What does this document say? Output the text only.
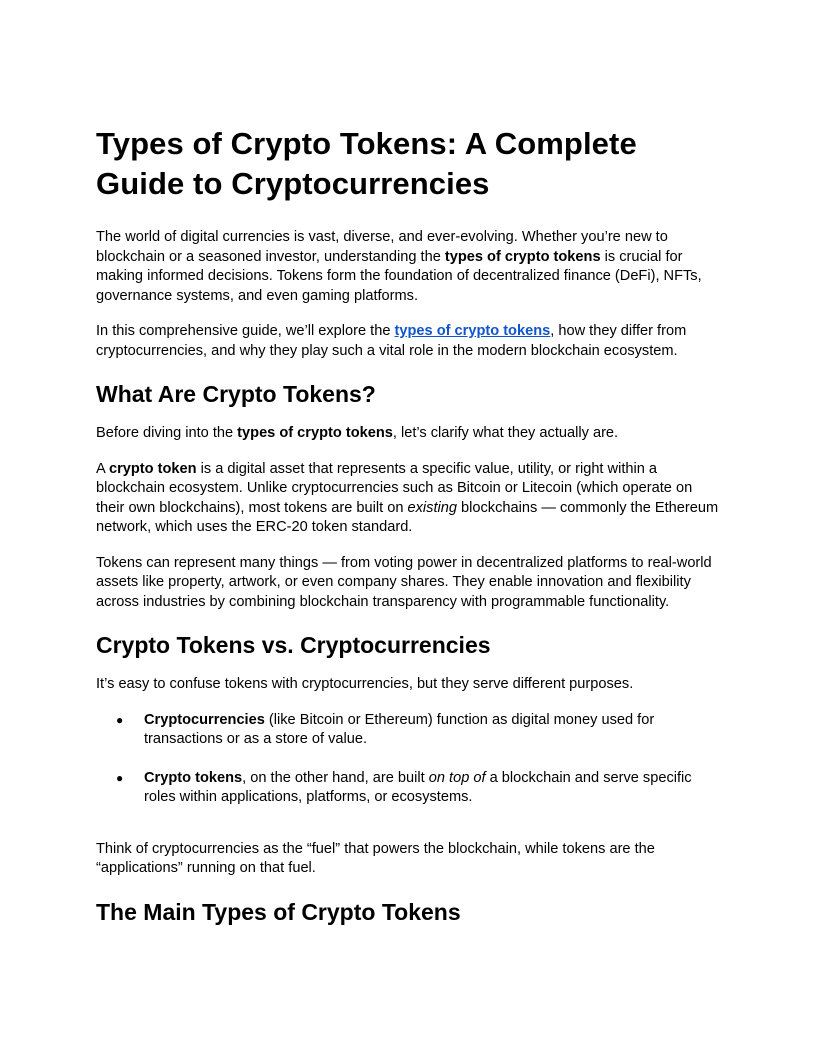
Types of Crypto Tokens: A Complete Guide to Cryptocurrencies

The world of digital currencies is vast, diverse, and ever-evolving. Whether you’re new to blockchain or a seasoned investor, understanding the types of crypto tokens is crucial for making informed decisions. Tokens form the foundation of decentralized finance (DeFi), NFTs, governance systems, and even gaming platforms.

In this comprehensive guide, we’ll explore the types of crypto tokens, how they differ from cryptocurrencies, and why they play such a vital role in the modern blockchain ecosystem.

What Are Crypto Tokens?

Before diving into the types of crypto tokens, let’s clarify what they actually are.

A crypto token is a digital asset that represents a specific value, utility, or right within a blockchain ecosystem. Unlike cryptocurrencies such as Bitcoin or Litecoin (which operate on their own blockchains), most tokens are built on existing blockchains — commonly the Ethereum network, which uses the ERC-20 token standard.

Tokens can represent many things — from voting power in decentralized platforms to real-world assets like property, artwork, or even company shares. They enable innovation and flexibility across industries by combining blockchain transparency with programmable functionality.

Crypto Tokens vs. Cryptocurrencies

It’s easy to confuse tokens with cryptocurrencies, but they serve different purposes.

● Cryptocurrencies (like Bitcoin or Ethereum) function as digital money used for transactions or as a store of value.
● Crypto tokens, on the other hand, are built on top of a blockchain and serve specific roles within applications, platforms, or ecosystems.

Think of cryptocurrencies as the “fuel” that powers the blockchain, while tokens are the “applications” running on that fuel.

The Main Types of Crypto Tokens
